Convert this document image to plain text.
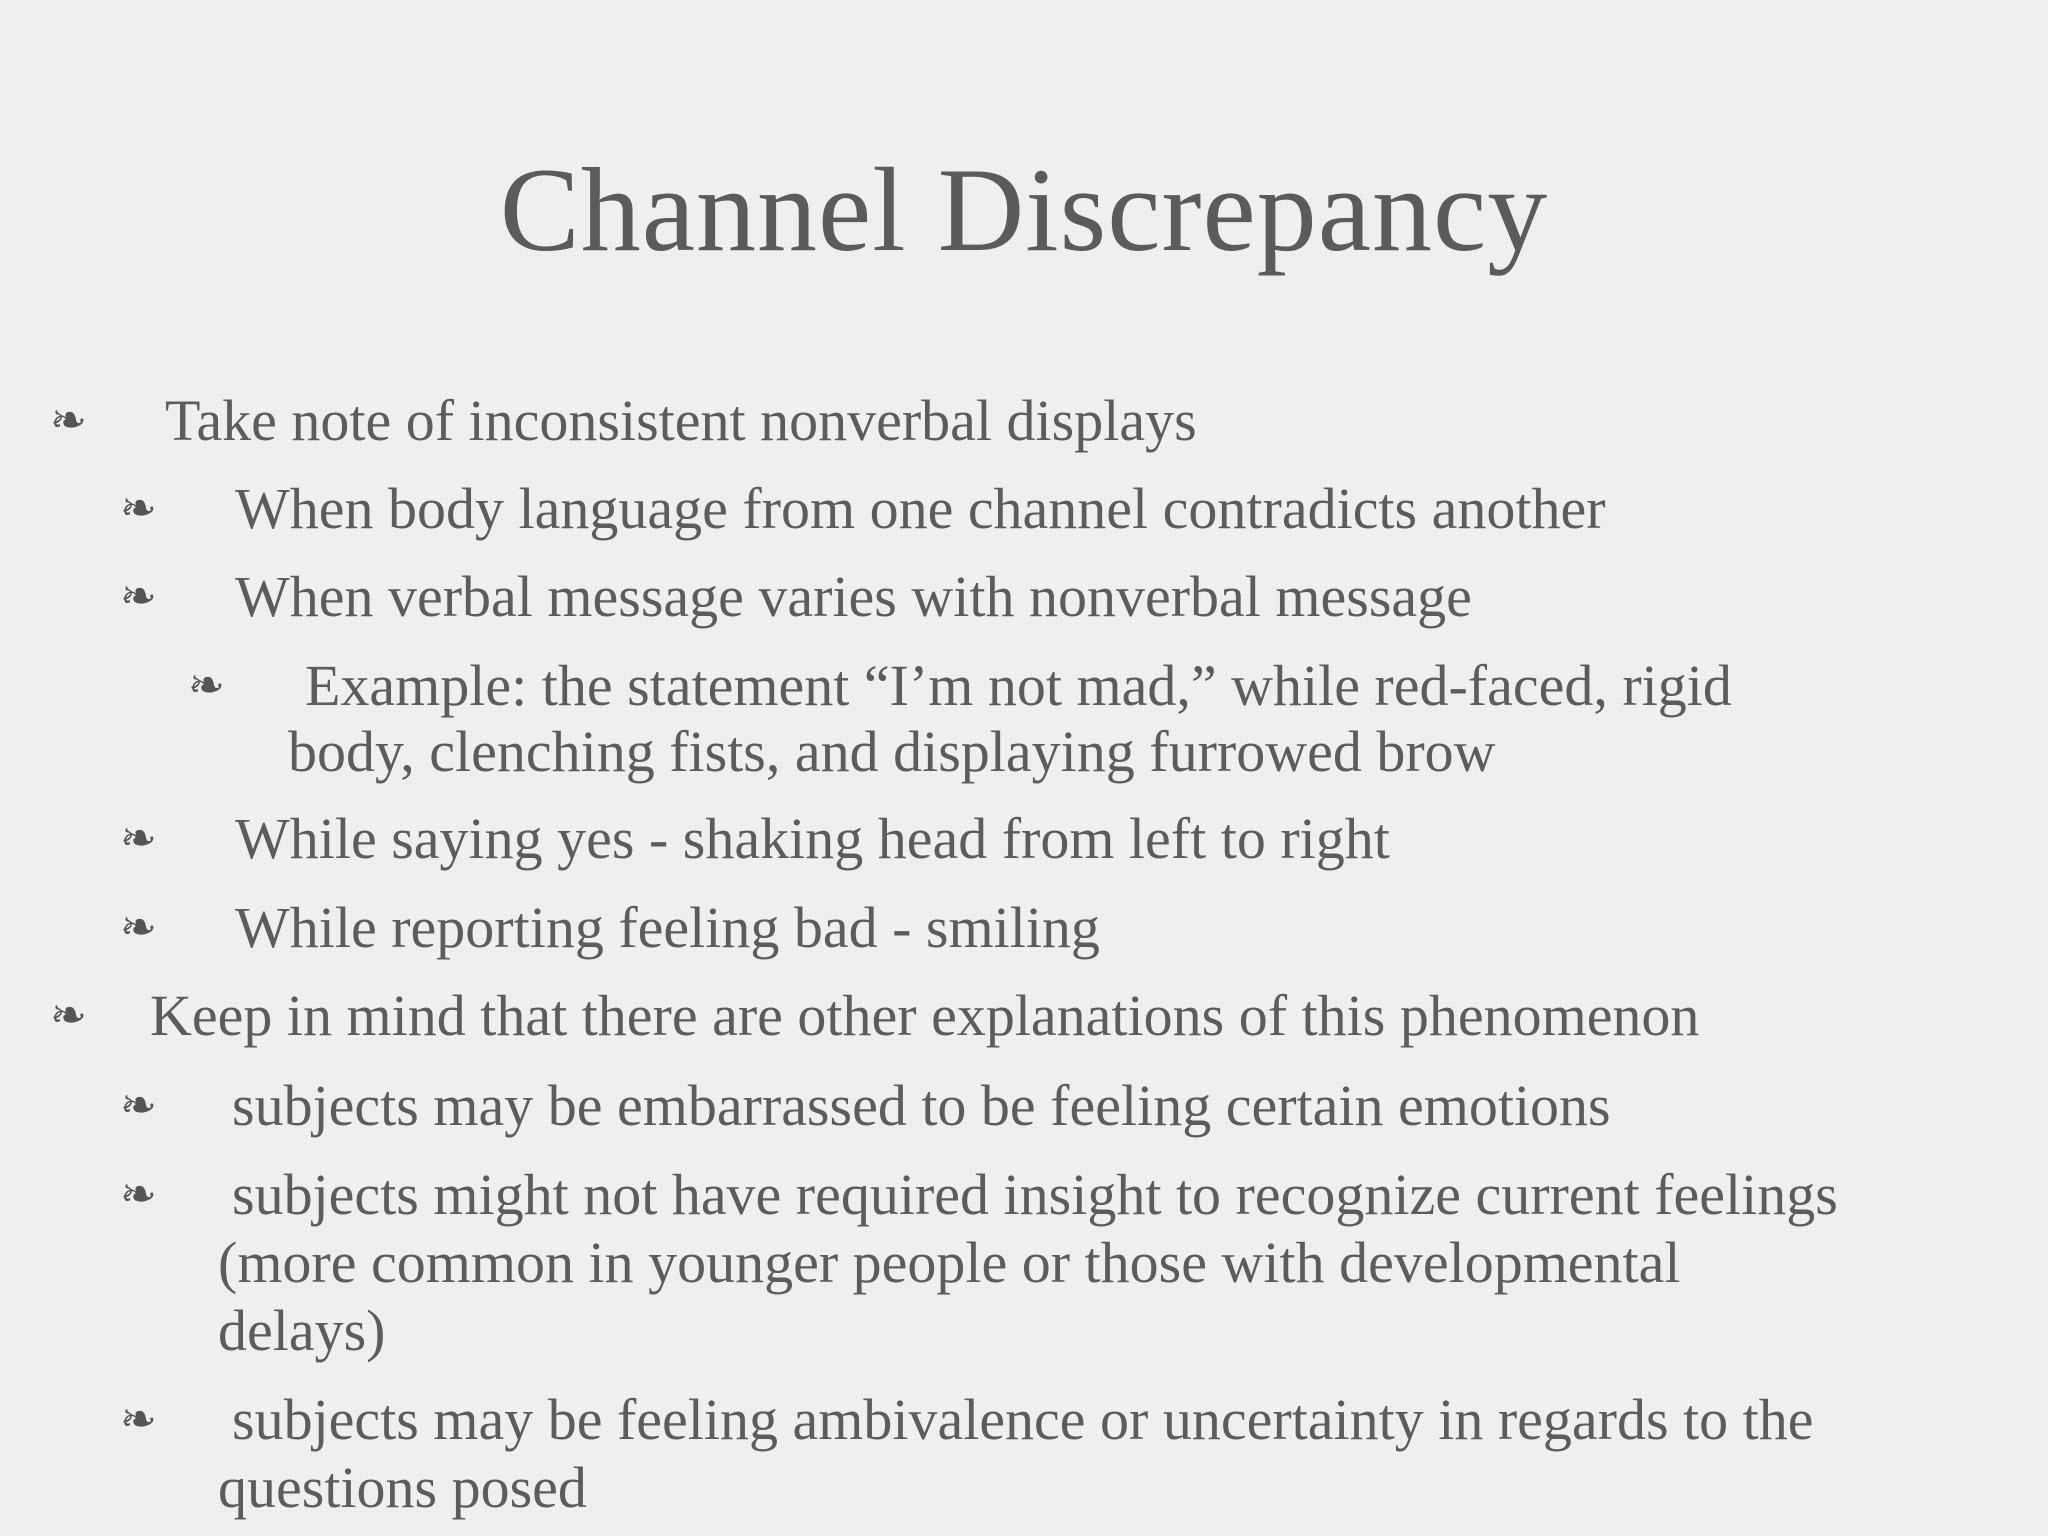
Channel Discrepancy
❧ Take note of inconsistent nonverbal displays
❧ When body language from one channel contradicts another
❧ When verbal message varies with nonverbal message
❧ Example: the statement “I’m not mad,” while red-faced, rigid
body, clenching fists, and displaying furrowed brow
❧ While saying yes - shaking head from left to right
❧ While reporting feeling bad - smiling
❧ Keep in mind that there are other explanations of this phenomenon
❧ subjects may be embarrassed to be feeling certain emotions
❧ subjects might not have required insight to recognize current feelings
(more common in younger people or those with developmental
delays)
❧ subjects may be feeling ambivalence or uncertainty in regards to the
questions posed
